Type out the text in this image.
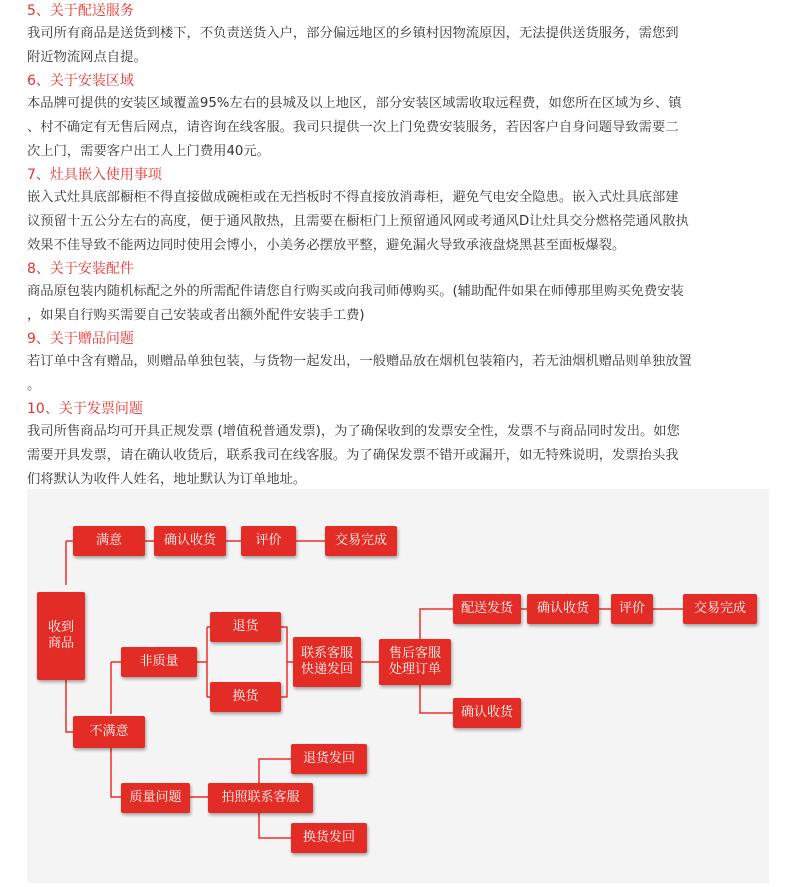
5、关于配送服务
我司所有商品是送货到楼下，不负责送货入户，部分偏远地区的乡镇村因物流原因，无法提供送货服务，需您到
附近物流网点自提。
6、关于安装区域
本品牌可提供的安装区域覆盖95%左右的县城及以上地区，部分安装区域需收取远程费，如您所在区域为乡、镇
、村不确定有无售后网点，请咨询在线客服。我司只提供一次上门免费安装服务，若因客户自身问题导致需要二
次上门，需要客户出工人上门费用40元。
7、灶具嵌入使用事项
嵌入式灶具底部橱柜不得直接做成碗柜或在无挡板时不得直接放消毒柜，避免气电安全隐患。嵌入式灶具底部建
议预留十五公分左右的高度，便于通风散热，且需要在橱柜门上预留通风网或考通风D让灶具交分燃格莞通风散执
效果不佳导致不能两边同时使用会博小，小美务必摆放平整，避免漏火导致承液盘烧黑甚至面板爆裂。
8、关于安装配件
商品原包装内随机标配之外的所需配件请您自行购买或向我司师傅购买。(辅助配件如果在师傅那里购买免费安装
，如果自行购买需要自己安装或者出额外配件安装手工费)
9、关于赠品问题
若订单中含有赠品，则赠品单独包装，与货物一起发出，一般赠品放在烟机包装箱内，若无油烟机赠品则单独放置
。
10、关于发票问题
我司所售商品均可开具正规发票 (增值税普通发票)，为了确保收到的发票安全性，发票不与商品同时发出。如您
需要开具发票，请在确认收货后，联系我司在线客服。为了确保发票不错开或漏开，如无特殊说明，发票抬头我
们将默认为收件人姓名，地址默认为订单地址。
收到
商品
满意	确认收货	评价	交易完成
不满意
非质量
退货
换货
联系客服
快递发回
售后客服
处理订单
配送发货	确认收货	评价	交易完成
确认收货
质量问题	拍照联系客服
退货发回
换货发回
